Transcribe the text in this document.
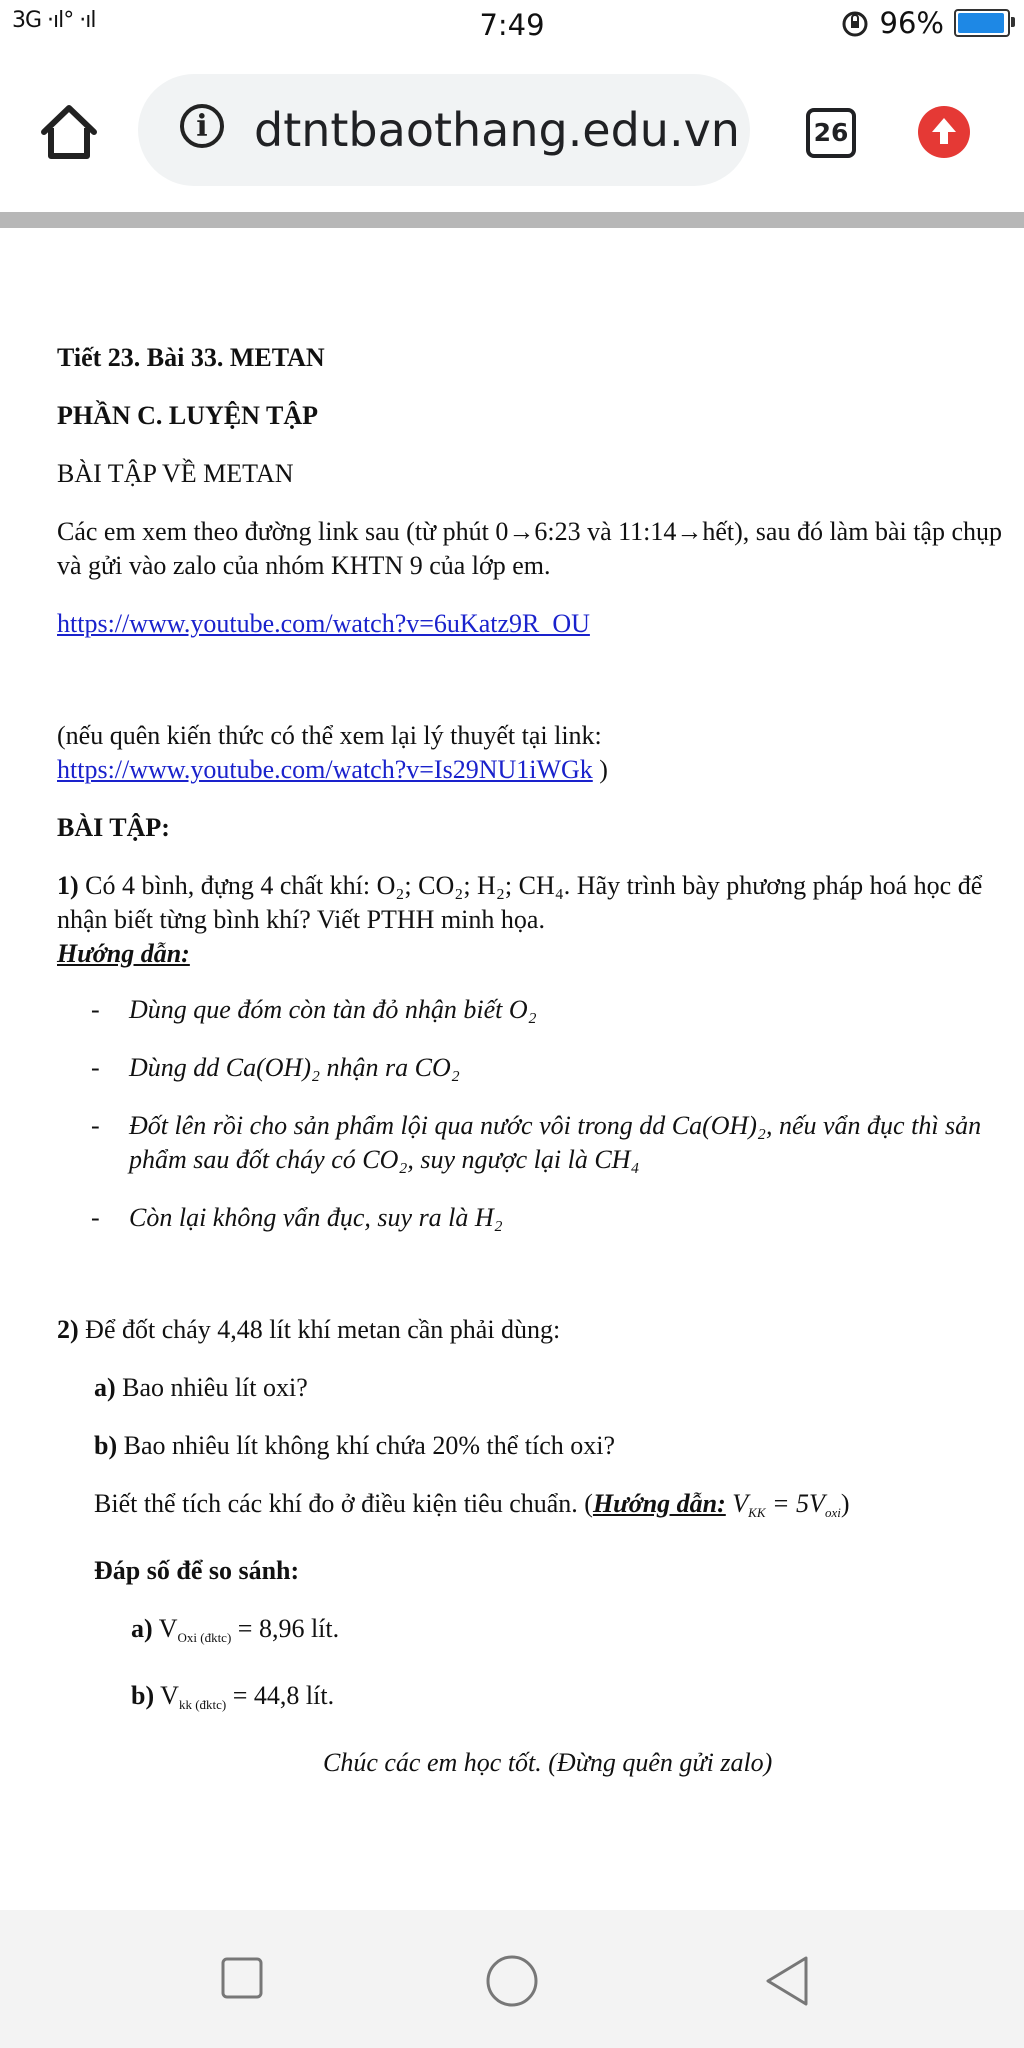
3G ·ıl° ·ıl	7:49	96%
i	dtntbaothang.edu.vn	26

Tiết 23. Bài 33. METAN

PHẦN C. LUYỆN TẬP

BÀI TẬP VỀ METAN

Các em xem theo đường link sau (từ phút 0→6:23 và 11:14→hết), sau đó làm bài tập chụp và gửi vào zalo của nhóm KHTN 9 của lớp em.

https://www.youtube.com/watch?v=6uKatz9R_OU

(nếu quên kiến thức có thể xem lại lý thuyết tại link:

https://www.youtube.com/watch?v=Is29NU1iWGk )

BÀI TẬP:

1) Có 4 bình, đựng 4 chất khí: O₂; CO₂; H₂; CH₄. Hãy trình bày phương pháp hoá học để nhận biết từng bình khí? Viết PTHH minh họa.

Hướng dẫn:

- Dùng que đóm còn tàn đỏ nhận biết O₂
- Dùng dd Ca(OH)₂ nhận ra CO₂
- Đốt lên rồi cho sản phẩm lội qua nước vôi trong dd Ca(OH)₂, nếu vẩn đục thì sản phẩm sau đốt cháy có CO₂, suy ngược lại là CH₄
- Còn lại không vẩn đục, suy ra là H₂

2) Để đốt cháy 4,48 lít khí metan cần phải dùng:

a) Bao nhiêu lít oxi?

b) Bao nhiêu lít không khí chứa 20% thể tích oxi?

Biết thể tích các khí đo ở điều kiện tiêu chuẩn. (Hướng dẫn: $V_{KK} = 5V_{oxi}$)

Đáp số để so sánh:

a) $V_{Oxi (đktc)} = 8,96$ lít.

b) $V_{kk (đktc)} = 44,8$ lít.

Chúc các em học tốt. (Đừng quên gửi zalo)
